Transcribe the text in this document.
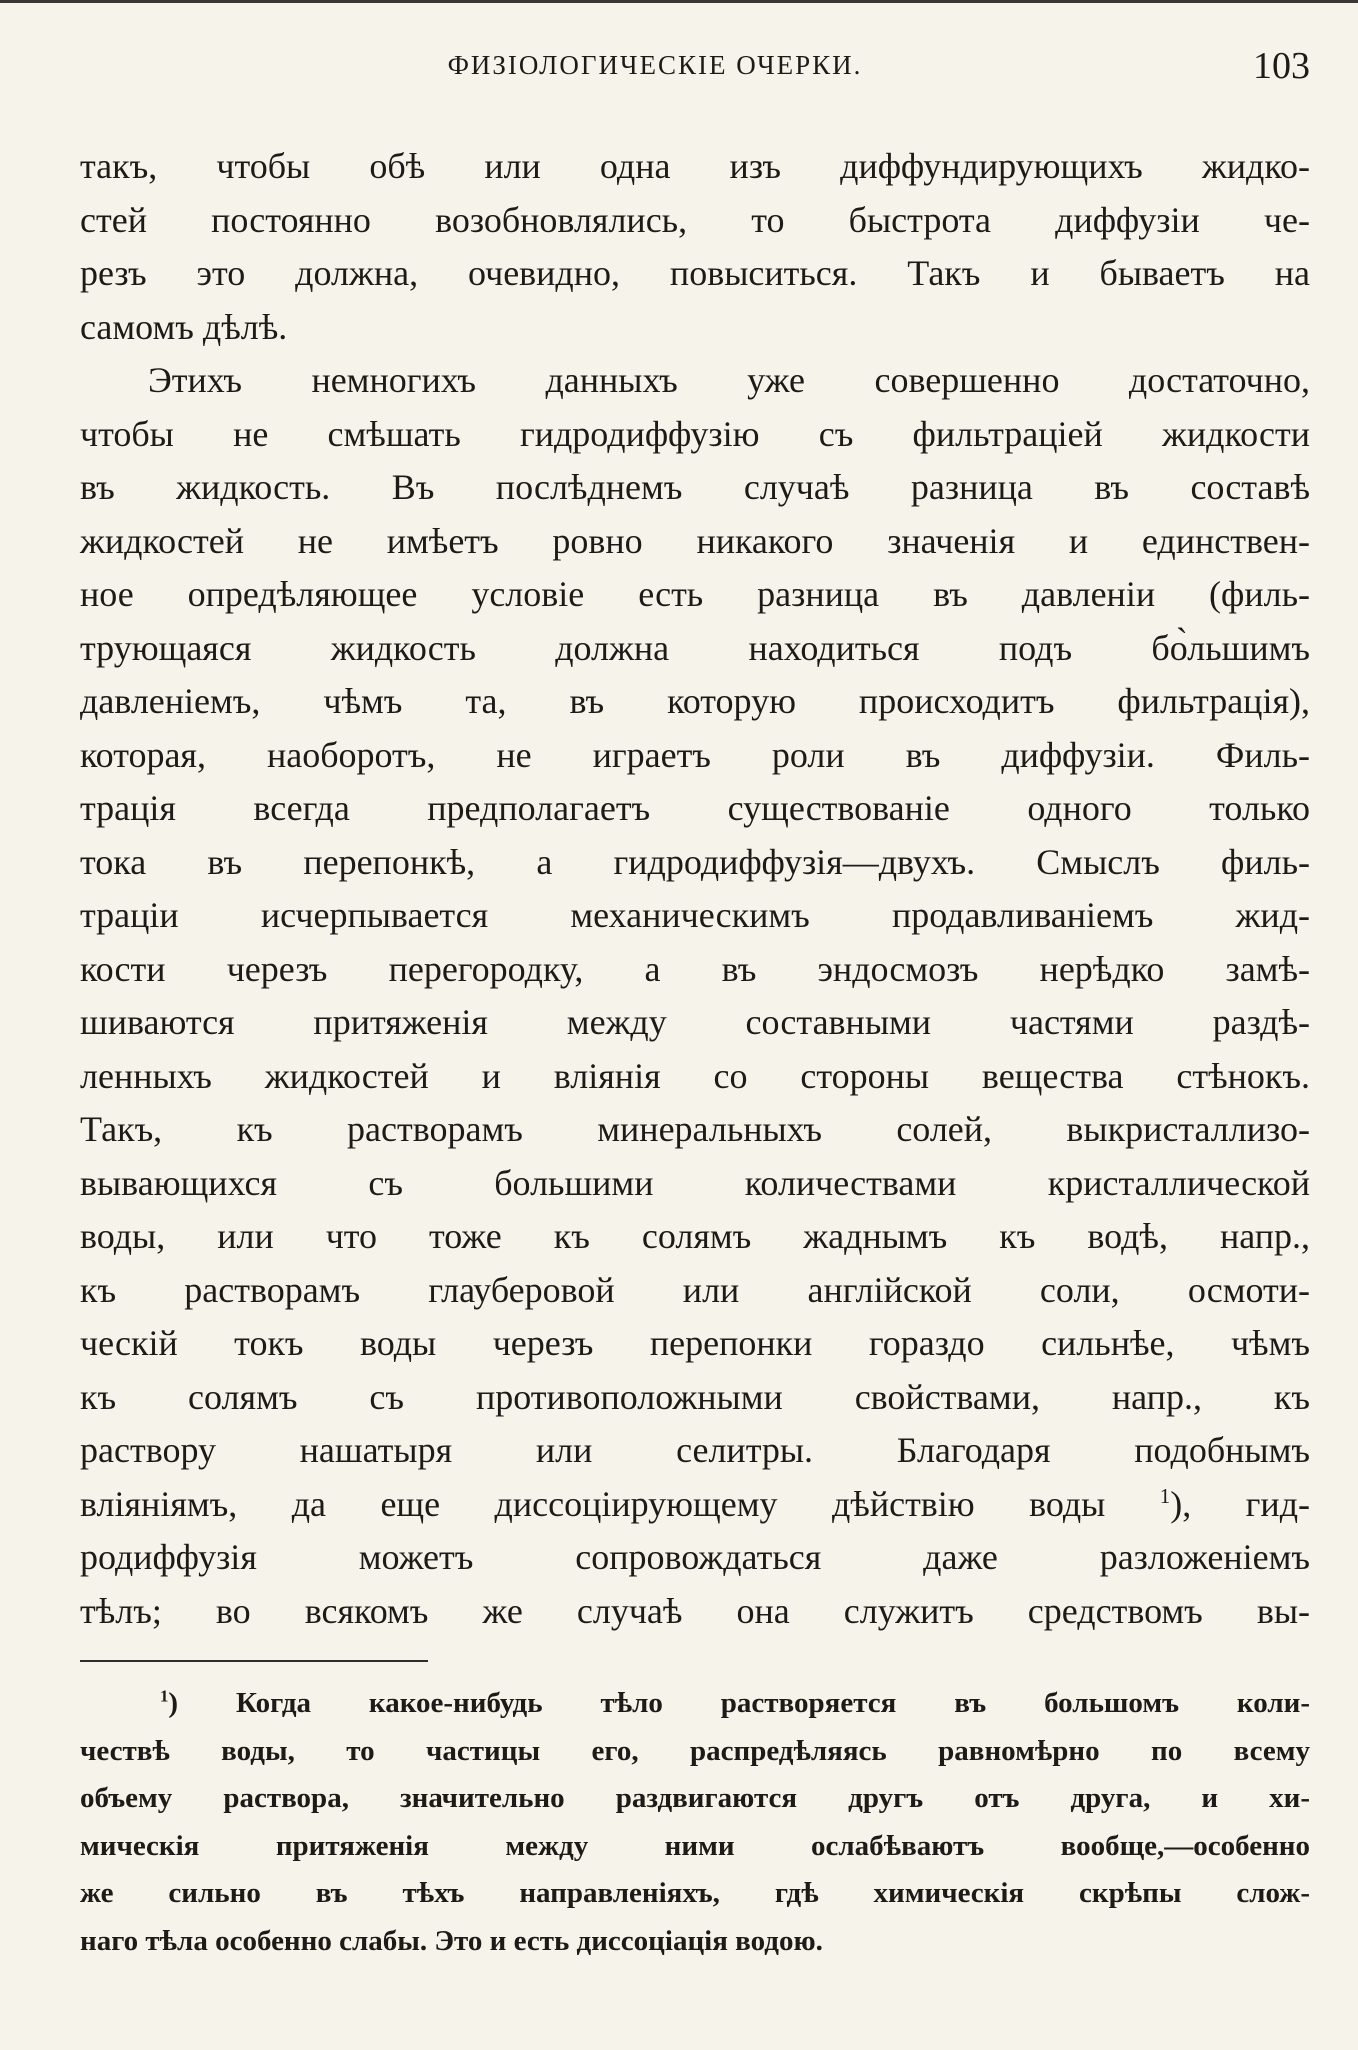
ФИЗІОЛОГИЧЕСКІЕ ОЧЕРКИ.	103
такъ, чтобы обѣ или одна изъ диффундирующихъ жидко-
стей постоянно возобновлялись, то быстрота диффузіи че-
резъ это должна, очевидно, повыситься. Такъ и бываетъ на
самомъ дѣлѣ.
Этихъ немногихъ данныхъ уже совершенно достаточно,
чтобы не смѣшать гидродиффузію съ фильтраціей жидкости
въ жидкость. Въ послѣднемъ случаѣ разница въ составѣ
жидкостей не имѣетъ ровно никакого значенія и единствен-
ное опредѣляющее условіе есть разница въ давленіи (филь-
трующаяся жидкость должна находиться подъ бо̀льшимъ
давленіемъ, чѣмъ та, въ которую происходитъ фильтрація),
которая, наоборотъ, не играетъ роли въ диффузіи. Филь-
трація всегда предполагаетъ существованіе одного только
тока въ перепонкѣ, а гидродиффузія—двухъ. Смыслъ филь-
траціи исчерпывается механическимъ продавливаніемъ жид-
кости черезъ перегородку, а въ эндосмозъ нерѣдко замѣ-
шиваются притяженія между составными частями раздѣ-
ленныхъ жидкостей и вліянія со стороны вещества стѣнокъ.
Такъ, къ растворамъ минеральныхъ солей, выкристаллизо-
вывающихся съ большими количествами кристаллической
воды, или что тоже къ солямъ жаднымъ къ водѣ, напр.,
къ растворамъ глауберовой или англійской соли, осмоти-
ческій токъ воды черезъ перепонки гораздо сильнѣе, чѣмъ
къ солямъ съ противоположными свойствами, напр., къ
раствору нашатыря или селитры. Благодаря подобнымъ
вліяніямъ, да еще диссоціирующему дѣйствію воды	$^1$), гид-
родиффузія можетъ сопровождаться даже разложеніемъ
тѣлъ; во всякомъ же случаѣ она служитъ средствомъ вы-
$^1$) Когда какое-нибудь тѣло растворяется въ большомъ коли-
чествѣ воды, то частицы его, распредѣляясь равномѣрно по всему
объему раствора, значительно раздвигаются другъ отъ друга, и хи-
мическія притяженія между ними ослабѣваютъ вообще,—особенно
же сильно въ тѣхъ направленіяхъ, гдѣ химическія скрѣпы слож-
наго тѣла особенно слабы. Это и есть диссоціація водою.
